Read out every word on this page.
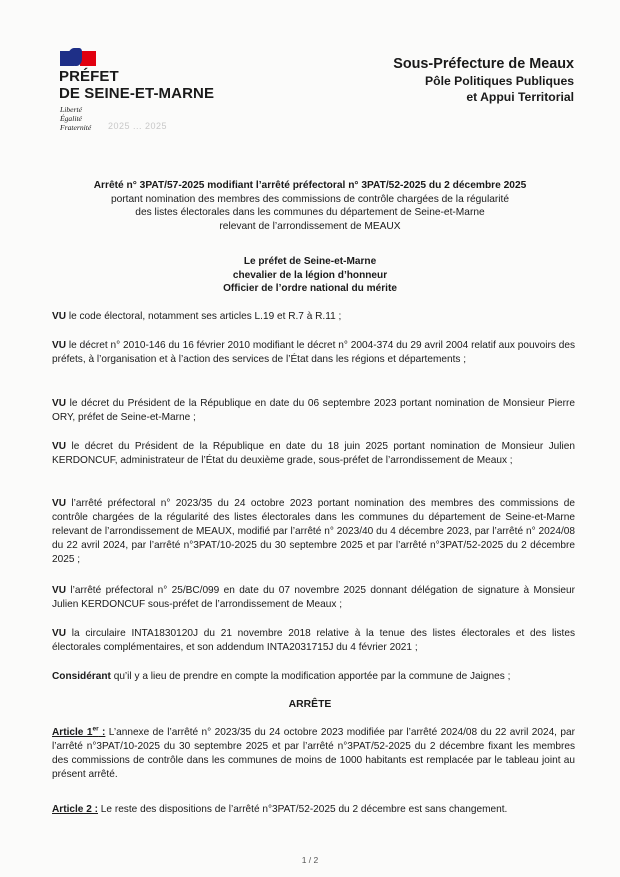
PRÉFET
DE SEINE-ET-MARNE
Liberté
Égalité
Fraternité 2025 ... 2025
Sous-Préfecture de Meaux
Pôle Politiques Publiques
et Appui Territorial
Arrêté n° 3PAT/57-2025 modifiant l’arrêté préfectoral n° 3PAT/52-2025 du 2 décembre 2025
portant nomination des membres des commissions de contrôle chargées de la régularité
des listes électorales dans les communes du département de Seine-et-Marne
relevant de l’arrondissement de MEAUX
Le préfet de Seine-et-Marne
chevalier de la légion d’honneur
Officier de l’ordre national du mérite
VU le code électoral, notamment ses articles L.19 et R.7 à R.11 ;
VU le décret n° 2010-146 du 16 février 2010 modifiant le décret n° 2004-374 du 29 avril 2004 relatif aux pouvoirs des préfets, à l’organisation et à l’action des services de l’État dans les régions et départements ;
VU le décret du Président de la République en date du 06 septembre 2023 portant nomination de Monsieur Pierre ORY, préfet de Seine-et-Marne ;
VU le décret du Président de la République en date du 18 juin 2025 portant nomination de Monsieur Julien KERDONCUF, administrateur de l’État du deuxième grade, sous-préfet de l’arrondissement de Meaux ;
VU l’arrêté préfectoral n° 2023/35 du 24 octobre 2023 portant nomination des membres des commissions de contrôle chargées de la régularité des listes électorales dans les communes du département de Seine-et-Marne relevant de l’arrondissement de MEAUX, modifié par l’arrêté n° 2023/40 du 4 décembre 2023, par l’arrêté n° 2024/08 du 22 avril 2024, par l’arrêté n°3PAT/10-2025 du 30 septembre 2025 et par l’arrêté n°3PAT/52-2025 du 2 décembre 2025 ;
VU l’arrêté préfectoral n° 25/BC/099 en date du 07 novembre 2025 donnant délégation de signature à Monsieur Julien KERDONCUF sous-préfet de l’arrondissement de Meaux ;
VU la circulaire INTA1830120J du 21 novembre 2018 relative à la tenue des listes électorales et des listes électorales complémentaires, et son addendum INTA2031715J du 4 février 2021 ;
Considérant qu’il y a lieu de prendre en compte la modification apportée par la commune de Jaignes ;
ARRÊTE
Article 1er : L’annexe de l’arrêté n° 2023/35 du 24 octobre 2023 modifiée par l’arrêté 2024/08 du 22 avril 2024, par l’arrêté n°3PAT/10-2025 du 30 septembre 2025 et par l’arrêté n°3PAT/52-2025 du 2 décembre fixant les membres des commissions de contrôle dans les communes de moins de 1000 habitants est remplacée par le tableau joint au présent arrêté.
Article 2 : Le reste des dispositions de l’arrêté n°3PAT/52-2025 du 2 décembre est sans changement.
1 / 2
